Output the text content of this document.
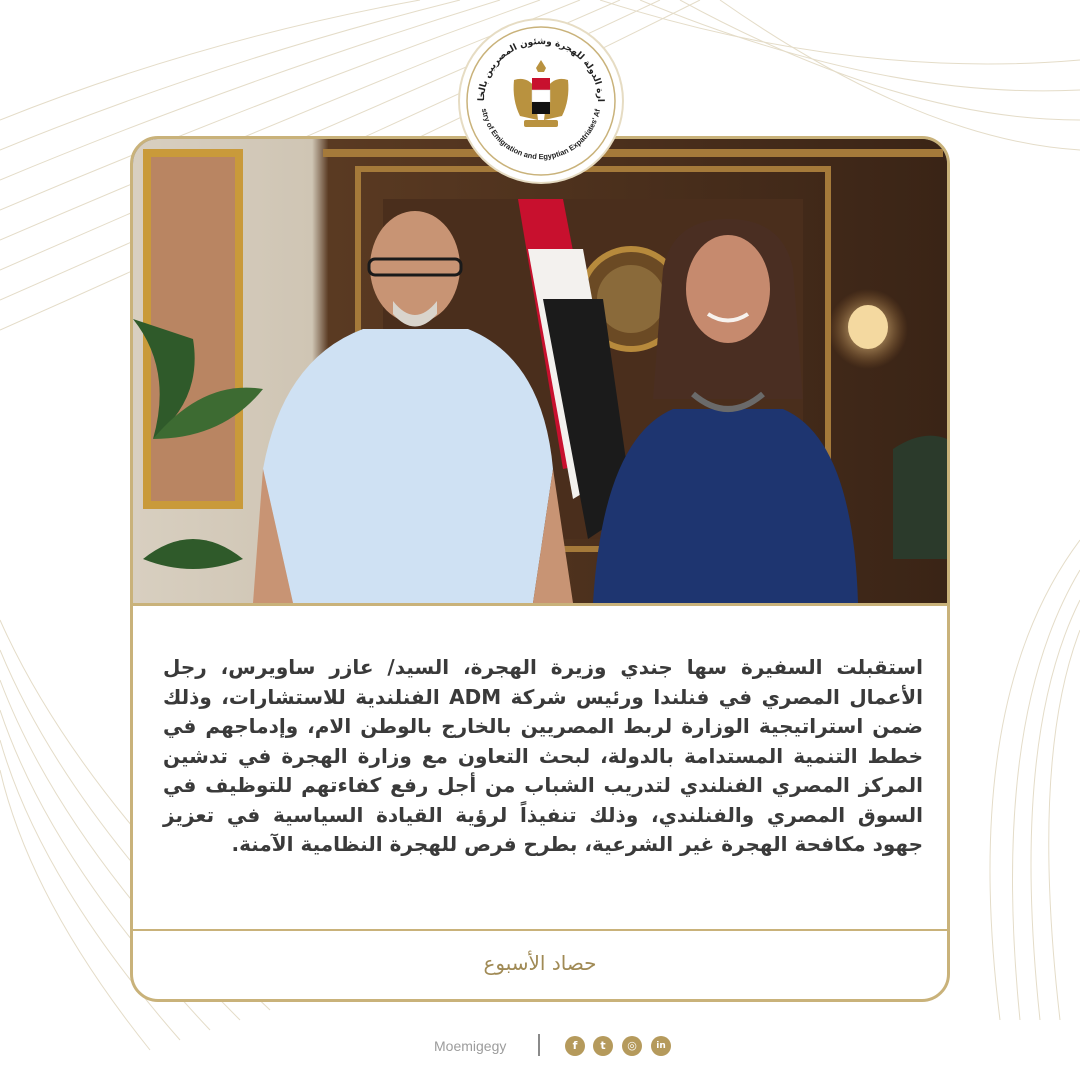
استقبلت السفيرة سها جندي وزيرة الهجرة، السيد/ عازر ساويرس، رجل الأعمال المصري في فنلندا ورئيس شركة ADM الفنلندية للاستشارات، وذلك ضمن استراتيجية الوزارة لربط المصريين بالخارج بالوطن الام، وإدماجهم في خطط التنمية المستدامة بالدولة، لبحث التعاون مع وزارة الهجرة في تدشين المركز المصري الفنلندي لتدريب الشباب من أجل رفع كفاءتهم للتوظيف في السوق المصري والفنلندي، وذلك تنفيذاً لرؤية القيادة السياسية في تعزيز جهود مكافحة الهجرة غير الشرعية، بطرح فرص للهجرة النظامية الآمنة.

حصاد الأسبوع
ارة الدولة للهجرة وشئون المصريين بالخا
stry of Emigration and Egyptian Expatriates' Af
Moemigegy	f	t	◎	in
